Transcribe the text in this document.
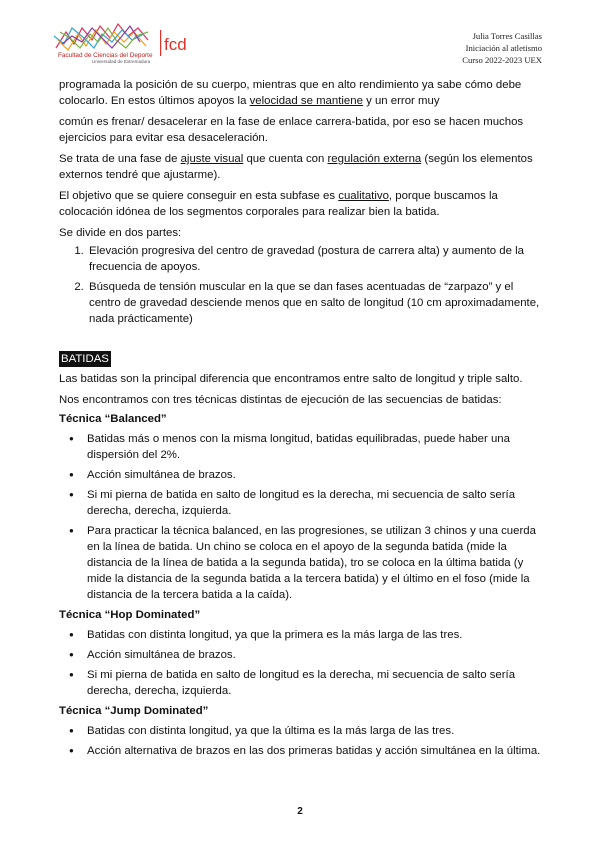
fcd
Facultad de Ciencias del Deporte
Universidad de Extremadura
Julia Torres Casillas
Iniciación al atletismo
Curso 2022-2023 UEX

programada la posición de su cuerpo, mientras que en alto rendimiento ya sabe cómo debe colocarlo. En estos últimos apoyos la velocidad se mantiene y un error muy

común es frenar/ desacelerar en la fase de enlace carrera-batida, por eso se hacen muchos ejercicios para evitar esa desaceleración.

Se trata de una fase de ajuste visual que cuenta con regulación externa (según los elementos externos tendré que ajustarme).

El objetivo que se quiere conseguir en esta subfase es cualitativo, porque buscamos la colocación idónea de los segmentos corporales para realizar bien la batida.

Se divide en dos partes:

1. Elevación progresiva del centro de gravedad (postura de carrera alta) y aumento de la frecuencia de apoyos.
2. Búsqueda de tensión muscular en la que se dan fases acentuadas de “zarpazo” y el centro de gravedad desciende menos que en salto de longitud (10 cm aproximadamente, nada prácticamente)
BATIDAS

Las batidas son la principal diferencia que encontramos entre salto de longitud y triple salto.

Nos encontramos con tres técnicas distintas de ejecución de las secuencias de batidas:

Técnica “Balanced”
● Batidas más o menos con la misma longitud, batidas equilibradas, puede haber una dispersión del 2%.
● Acción simultánea de brazos.
● Si mi pierna de batida en salto de longitud es la derecha, mi secuencia de salto sería derecha, derecha, izquierda.
● Para practicar la técnica balanced, en las progresiones, se utilizan 3 chinos y una cuerda en la línea de batida. Un chino se coloca en el apoyo de la segunda batida (mide la distancia de la línea de batida a la segunda batida), tro se coloca en la última batida (y mide la distancia de la segunda batida a la tercera batida) y el último en el foso (mide la distancia de la tercera batida a la caída).
Técnica “Hop Dominated”
● Batidas con distinta longitud, ya que la primera es la más larga de las tres.
● Acción simultánea de brazos.
● Si mi pierna de batida en salto de longitud es la derecha, mi secuencia de salto sería derecha, derecha, izquierda.
Técnica “Jump Dominated”
● Batidas con distinta longitud, ya que la última es la más larga de las tres.
● Acción alternativa de brazos en las dos primeras batidas y acción simultánea en la última.
2
